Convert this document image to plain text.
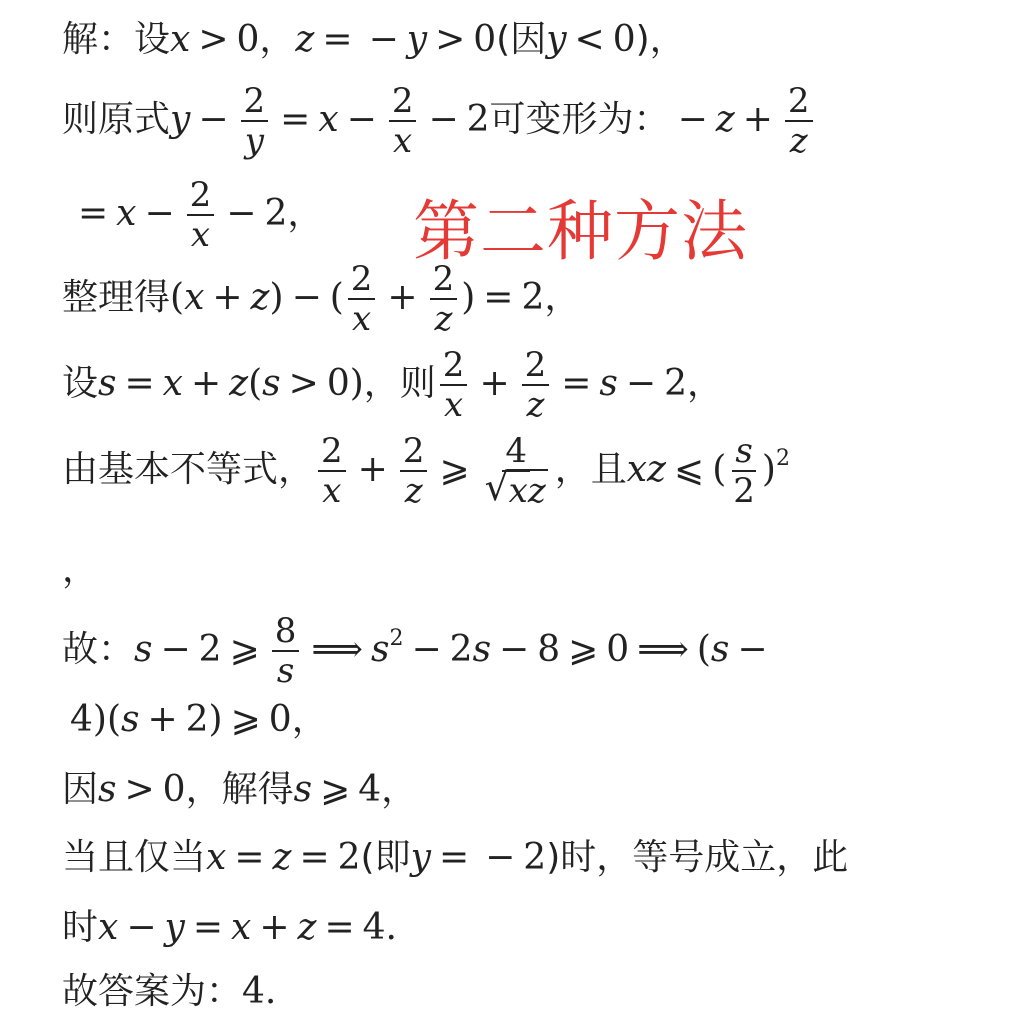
解：设x > 0，z = − y > 0(因y < 0)，
则原式$y - \frac{2}{y} = x - \frac{2}{x} - 2$可变形为： − $z + \frac{2}{z}$
= $x - \frac{2}{x} - 2$，	第二种方法
整理得(x + z) − ( $\frac{2}{x} + \frac{2}{z}$ ) = 2，
设s = x + z(s > 0)，则 $\frac{2}{x} + \frac{2}{z} = s - 2$，
由基本不等式， $\frac{2}{x} + \frac{2}{z}$ ⩾ $\frac{4}{√ xz}$ ，且xz ⩽ ( $\frac{s}{2} )^2$
，
故：s − 2 ⩾ $\frac{8}{s}$ ⟹ $s^2 - 2s - 8$ ⩾ 0 ⟹ (s −
4)(s + 2) ⩾ 0，
因s > 0，解得s ⩾ 4，
当且仅当x = z = 2(即y = − 2)时，等号成立，此
时x − y = x + z = 4.
故答案为：4.
